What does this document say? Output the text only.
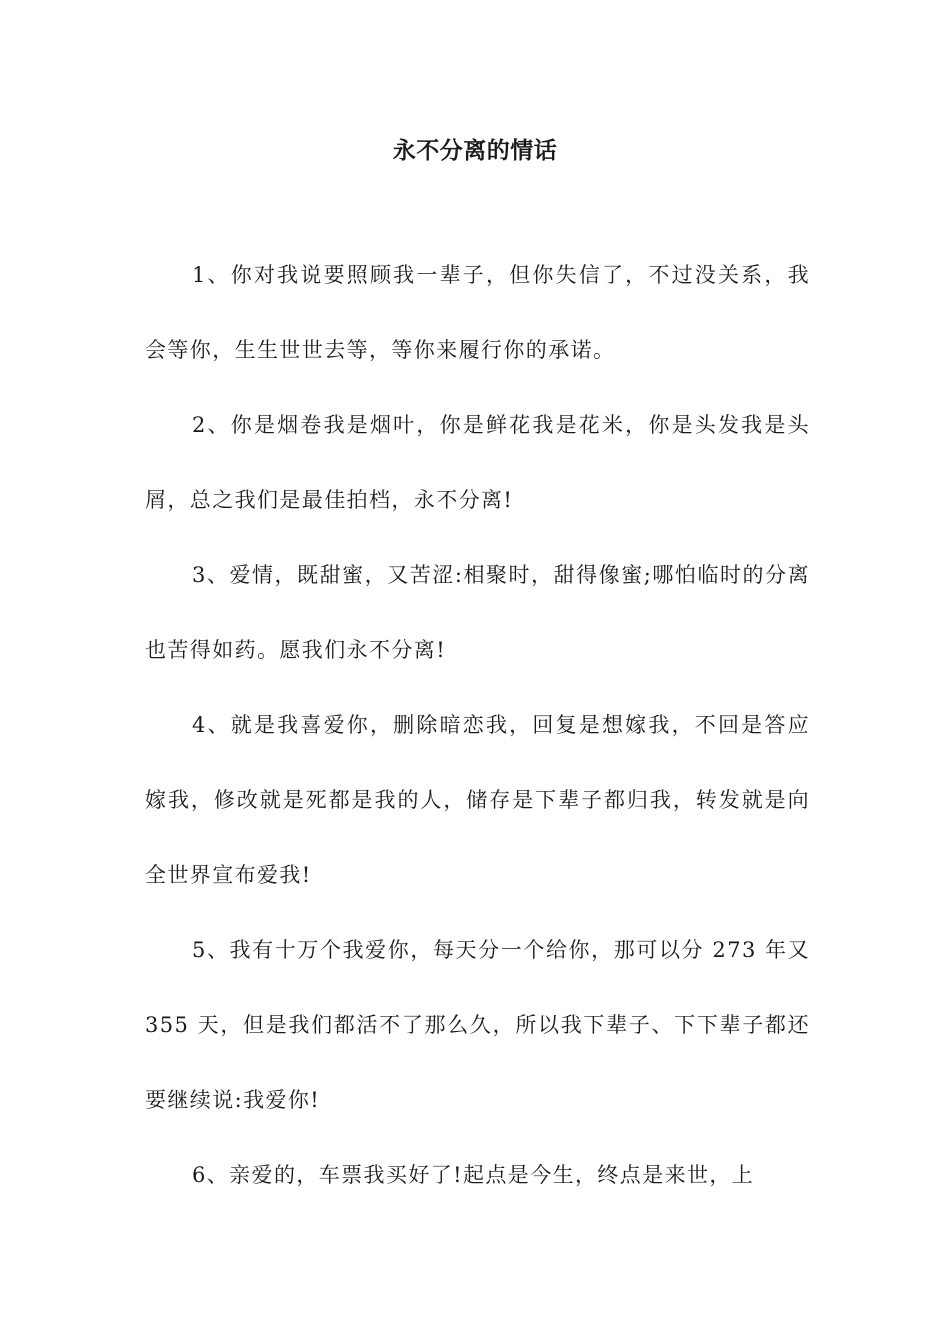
永不分离的情话

1、你对我说要照顾我一辈子，但你失信了，不过没关系，我会等你，生生世世去等，等你来履行你的承诺。

2、你是烟卷我是烟叶，你是鲜花我是花米，你是头发我是头屑，总之我们是最佳拍档，永不分离!

3、爱情，既甜蜜，又苦涩:相聚时，甜得像蜜;哪怕临时的分离也苦得如药。愿我们永不分离!

4、就是我喜爱你，删除暗恋我，回复是想嫁我，不回是答应嫁我，修改就是死都是我的人，储存是下辈子都归我，转发就是向全世界宣布爱我!

5、我有十万个我爱你，每天分一个给你，那可以分 273 年又 355 天，但是我们都活不了那么久，所以我下辈子、下下辈子都还要继续说:我爱你!

6、亲爱的，车票我买好了!起点是今生，终点是来世，上
